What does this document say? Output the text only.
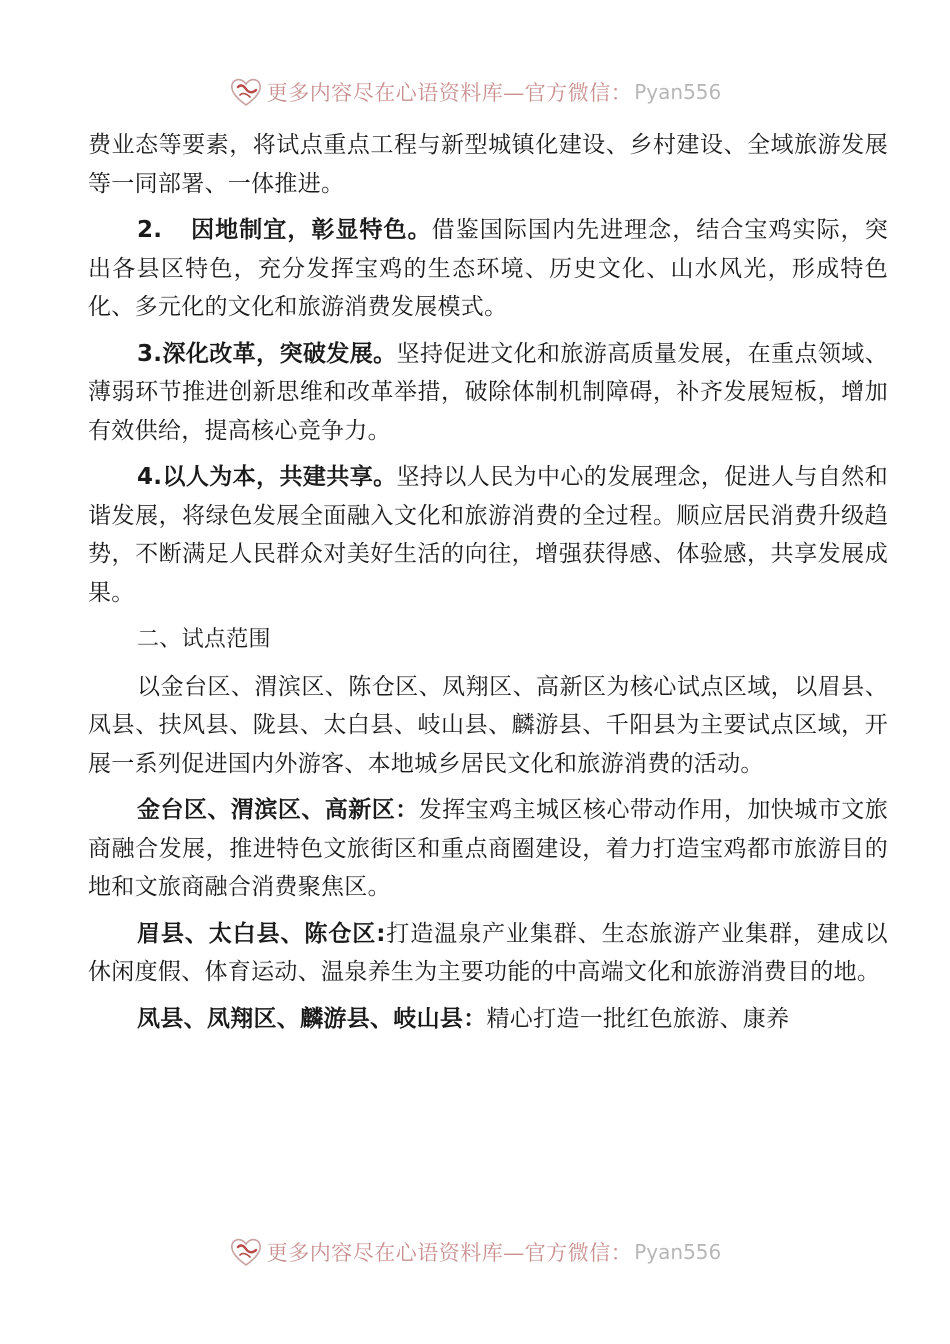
更多内容尽在心语资料库—官方微信： Pyan556

费业态等要素，将试点重点工程与新型城镇化建设、乡村建设、全域旅游发展等一同部署、一体推进。

2. 因地制宜，彰显特色。借鉴国际国内先进理念，结合宝鸡实际，突出各县区特色，充分发挥宝鸡的生态环境、历史文化、山水风光，形成特色化、多元化的文化和旅游消费发展模式。

3.深化改革，突破发展。坚持促进文化和旅游高质量发展，在重点领域、薄弱环节推进创新思维和改革举措，破除体制机制障碍，补齐发展短板，增加有效供给，提高核心竞争力。

4.以人为本，共建共享。坚持以人民为中心的发展理念，促进人与自然和谐发展，将绿色发展全面融入文化和旅游消费的全过程。顺应居民消费升级趋势，不断满足人民群众对美好生活的向往，增强获得感、体验感，共享发展成果。

二、试点范围

以金台区、渭滨区、陈仓区、凤翔区、高新区为核心试点区域，以眉县、凤县、扶风县、陇县、太白县、岐山县、麟游县、千阳县为主要试点区域，开展一系列促进国内外游客、本地城乡居民文化和旅游消费的活动。

金台区、渭滨区、高新区：发挥宝鸡主城区核心带动作用，加快城市文旅商融合发展，推进特色文旅街区和重点商圈建设，着力打造宝鸡都市旅游目的地和文旅商融合消费聚焦区。

眉县、太白县、陈仓区:打造温泉产业集群、生态旅游产业集群，建成以休闲度假、体育运动、温泉养生为主要功能的中高端文化和旅游消费目的地。

凤县、凤翔区、麟游县、岐山县：精心打造一批红色旅游、康养

更多内容尽在心语资料库—官方微信： Pyan556
